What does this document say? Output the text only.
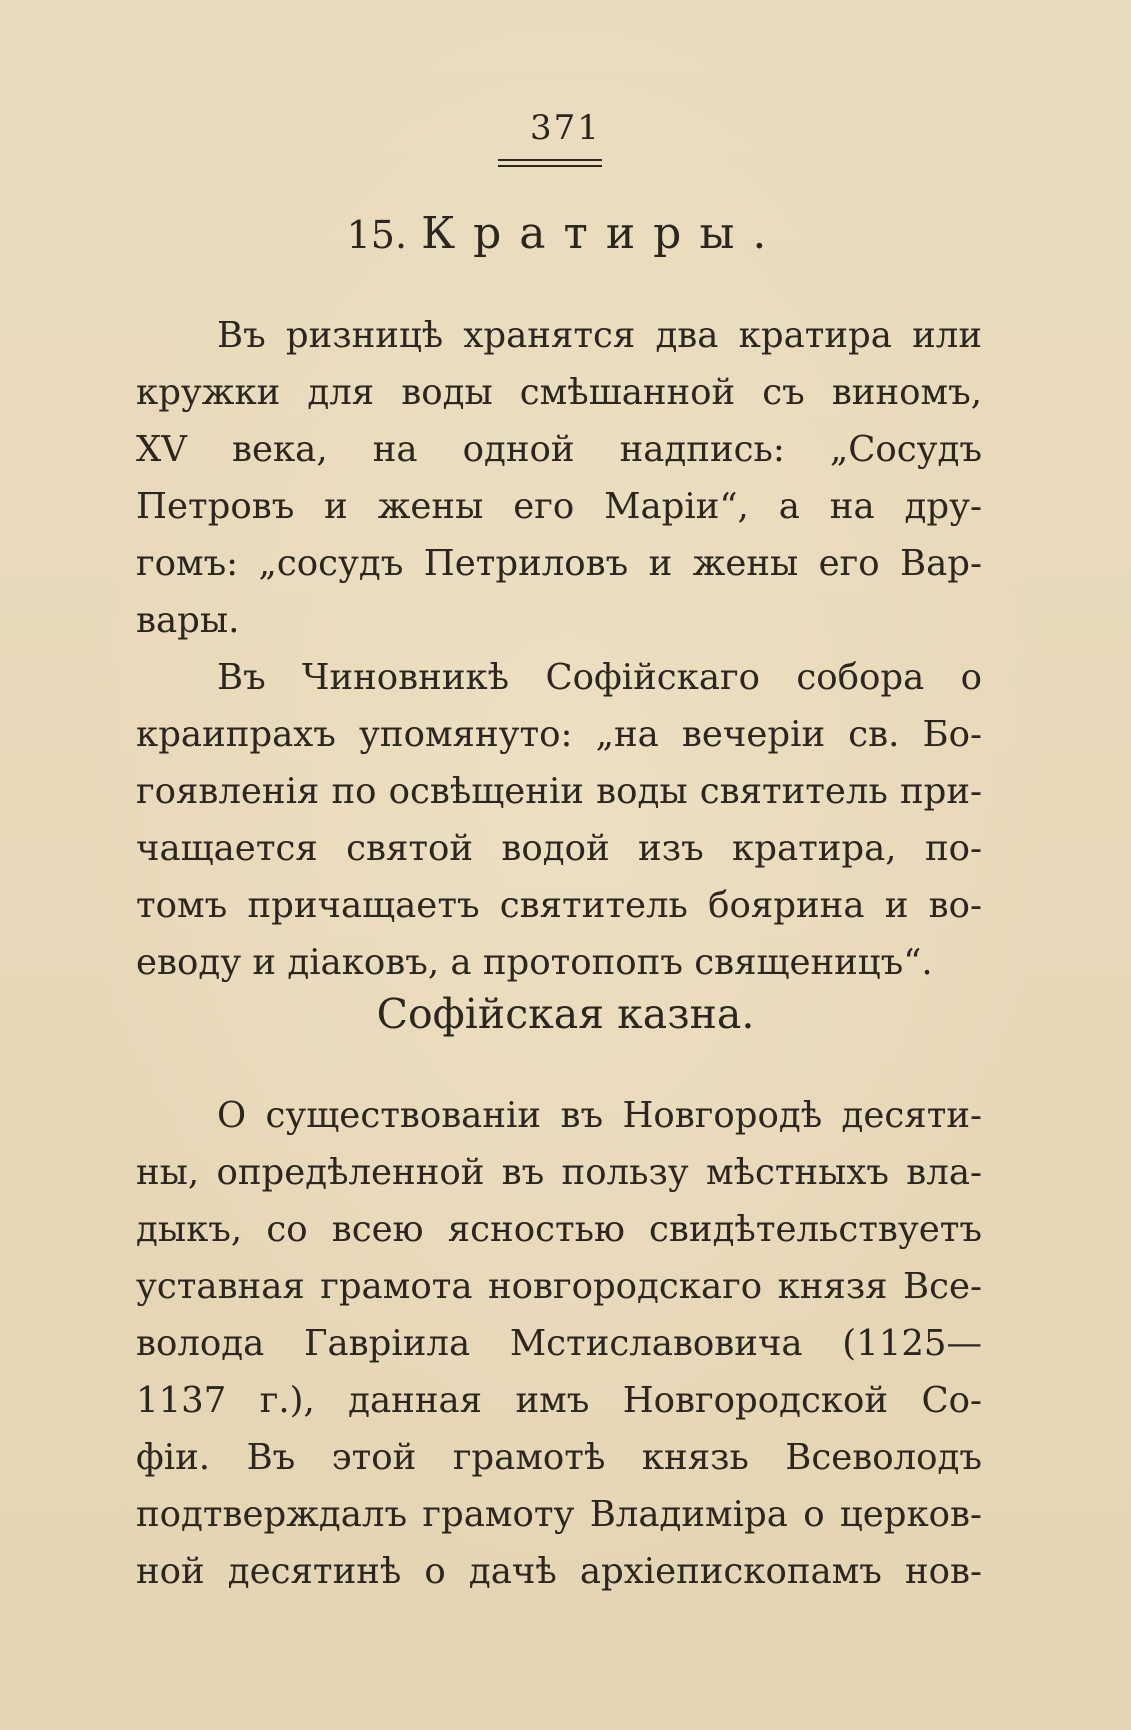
371
15. Кратиры.
Въ ризницѣ хранятся два кратира или
кружки для воды смѣшанной съ виномъ,
XV века, на одной надпись: „Сосудъ
Петровъ и жены его Маріи“, а на дру-
гомъ: „сосудъ Петриловъ и жены его Вар-
вары.
Въ Чиновникѣ Софійскаго собора о
краипрахъ упомянуто: „на вечеріи св. Бо-
гоявленія по освѣщеніи воды святитель при-
чащается святой водой изъ кратира, по-
томъ причащаетъ святитель боярина и во-
еводу и діаковъ, а протопопъ священицъ“.
Софійская казна.
О существованіи въ Новгородѣ десяти-
ны, опредѣленной въ пользу мѣстныхъ вла-
дыкъ, со всею ясностью свидѣтельствуетъ
уставная грамота новгородскаго князя Все-
волода Гавріила Мстиславовича (1125—
1137 г.), данная имъ Новгородской Со-
фіи. Въ этой грамотѣ князь Всеволодъ
подтверждалъ грамоту Владиміра о церков-
ной десятинѣ о дачѣ архіепископамъ нов-
